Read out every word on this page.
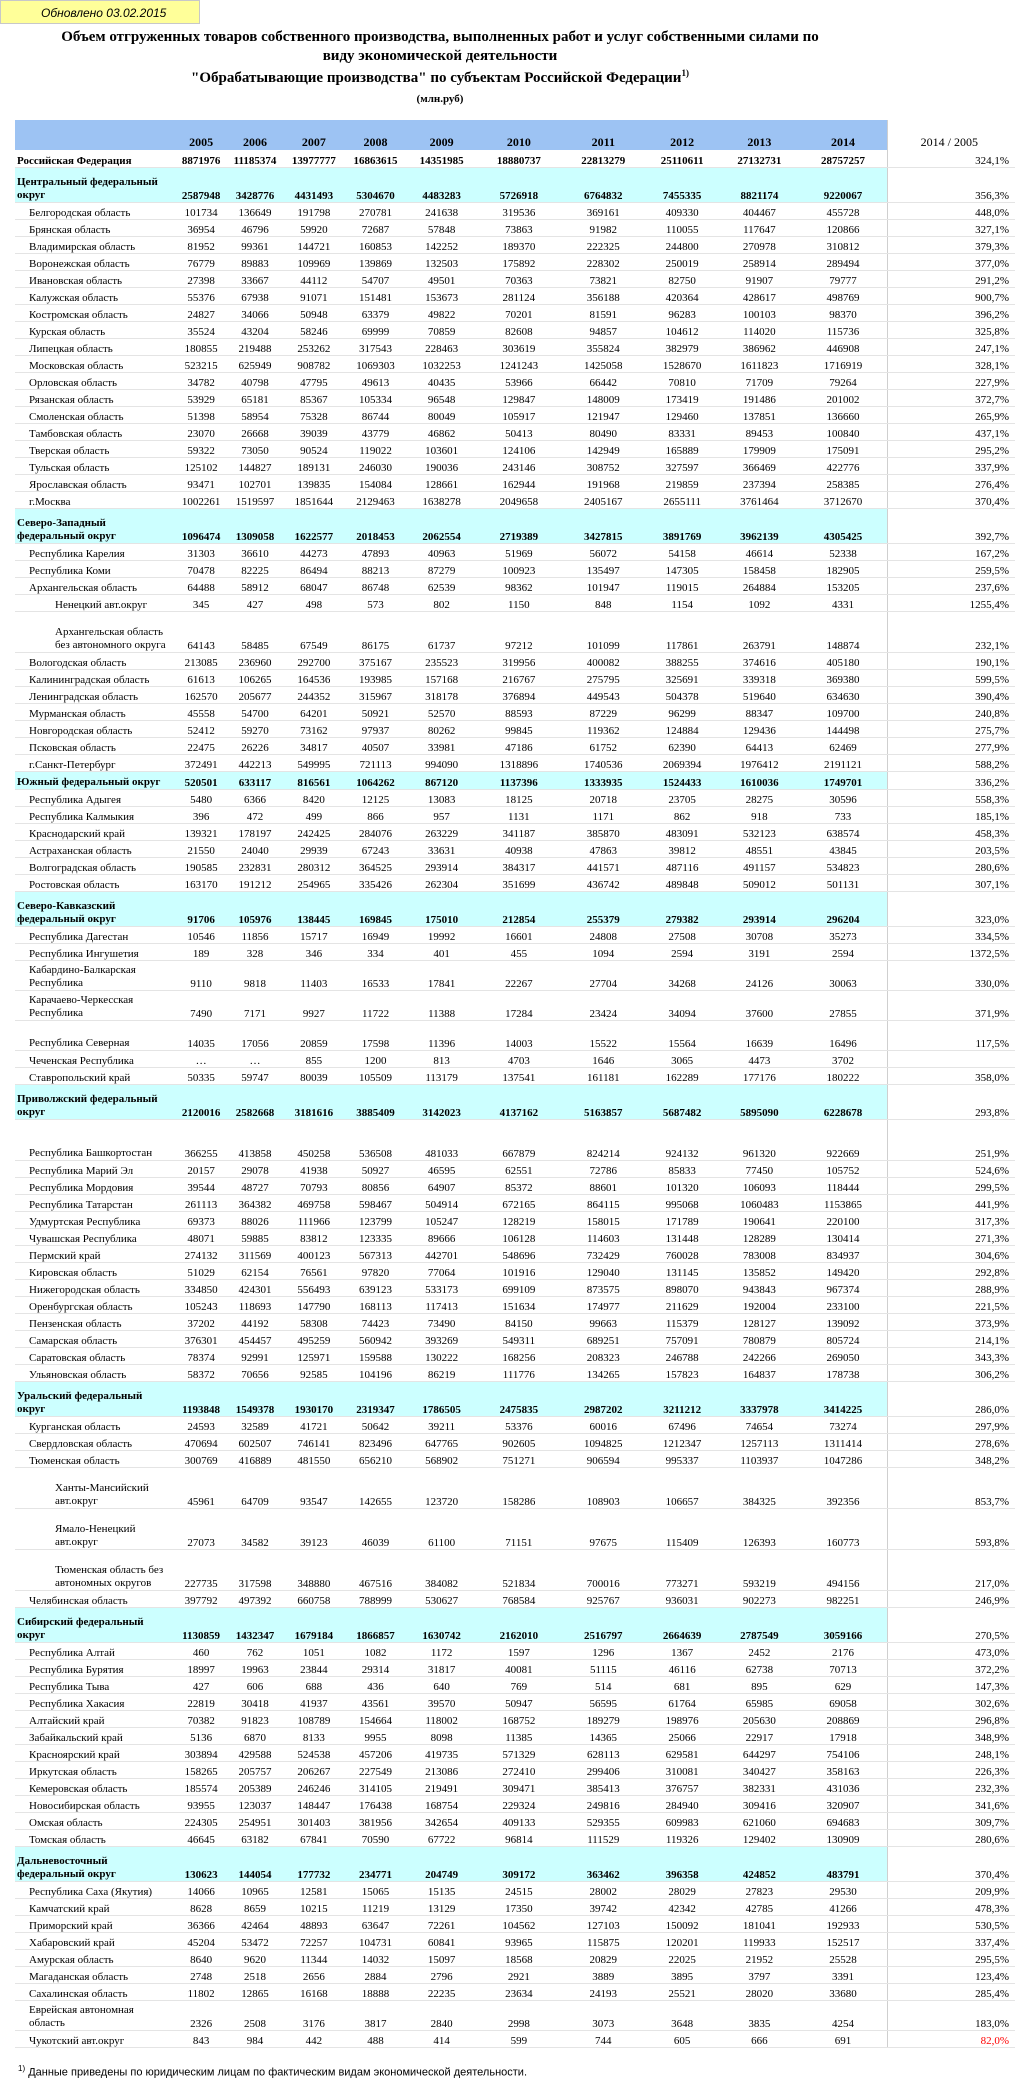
Обновлено 03.02.2015
Объем отгруженных товаров собственного производства, выполненных работ и услуг собственными силами по
виду экономической деятельности
"Обрабатывающие производства" по субъектам Российской Федерации$^{1)}$
(млн.руб)
	2005	2006	2007	2008	2009	2010	2011	2012	2013	2014	2014 / 2005
Российская Федерация	8871976	11185374	13977777	16863615	14351985	18880737	22813279	25110611	27132731	28757257	324,1%

Центральный федеральный
округ	2587948	3428776	4431493	5304670	4483283	5726918	6764832	7455335	8821174	9220067	356,3%
Белгородская область	101734	136649	191798	270781	241638	319536	369161	409330	404467	455728	448,0%
Брянская область	36954	46796	59920	72687	57848	73863	91982	110055	117647	120866	327,1%
Владимирская область	81952	99361	144721	160853	142252	189370	222325	244800	270978	310812	379,3%
Воронежская область	76779	89883	109969	139869	132503	175892	228302	250019	258914	289494	377,0%
Ивановская область	27398	33667	44112	54707	49501	70363	73821	82750	91907	79777	291,2%
Калужская область	55376	67938	91071	151481	153673	281124	356188	420364	428617	498769	900,7%
Костромская область	24827	34066	50948	63379	49822	70201	81591	96283	100103	98370	396,2%
Курская область	35524	43204	58246	69999	70859	82608	94857	104612	114020	115736	325,8%
Липецкая область	180855	219488	253262	317543	228463	303619	355824	382979	386962	446908	247,1%
Московская область	523215	625949	908782	1069303	1032253	1241243	1425058	1528670	1611823	1716919	328,1%
Орловская область	34782	40798	47795	49613	40435	53966	66442	70810	71709	79264	227,9%
Рязанская область	53929	65181	85367	105334	96548	129847	148009	173419	191486	201002	372,7%
Смоленская область	51398	58954	75328	86744	80049	105917	121947	129460	137851	136660	265,9%
Тамбовская область	23070	26668	39039	43779	46862	50413	80490	83331	89453	100840	437,1%
Тверская область	59322	73050	90524	119022	103601	124106	142949	165889	179909	175091	295,2%
Тульская область	125102	144827	189131	246030	190036	243146	308752	327597	366469	422776	337,9%
Ярославская область	93471	102701	139835	154084	128661	162944	191968	219859	237394	258385	276,4%
г.Москва	1002261	1519597	1851644	2129463	1638278	2049658	2405167	2655111	3761464	3712670	370,4%

Северо-Западный
федеральный округ	1096474	1309058	1622577	2018453	2062554	2719389	3427815	3891769	3962139	4305425	392,7%
Республика Карелия	31303	36610	44273	47893	40963	51969	56072	54158	46614	52338	167,2%
Республика Коми	70478	82225	86494	88213	87279	100923	135497	147305	158458	182905	259,5%
Архангельская область	64488	58912	68047	86748	62539	98362	101947	119015	264884	153205	237,6%
Ненецкий авт.округ	345	427	498	573	802	1150	848	1154	1092	4331	1255,4%

Архангельская область
без автономного округа	64143	58485	67549	86175	61737	97212	101099	117861	263791	148874	232,1%
Вологодская область	213085	236960	292700	375167	235523	319956	400082	388255	374616	405180	190,1%
Калининградская область	61613	106265	164536	193985	157168	216767	275795	325691	339318	369380	599,5%
Ленинградская область	162570	205677	244352	315967	318178	376894	449543	504378	519640	634630	390,4%
Мурманская область	45558	54700	64201	50921	52570	88593	87229	96299	88347	109700	240,8%
Новгородская область	52412	59270	73162	97937	80262	99845	119362	124884	129436	144498	275,7%
Псковская область	22475	26226	34817	40507	33981	47186	61752	62390	64413	62469	277,9%
г.Санкт-Петербург	372491	442213	549995	721113	994090	1318896	1740536	2069394	1976412	2191121	588,2%

Южный федеральный округ	520501	633117	816561	1064262	867120	1137396	1333935	1524433	1610036	1749701	336,2%
Республика Адыгея	5480	6366	8420	12125	13083	18125	20718	23705	28275	30596	558,3%
Республика Калмыкия	396	472	499	866	957	1131	1171	862	918	733	185,1%
Краснодарский край	139321	178197	242425	284076	263229	341187	385870	483091	532123	638574	458,3%
Астраханская область	21550	24040	29939	67243	33631	40938	47863	39812	48551	43845	203,5%
Волгоградская область	190585	232831	280312	364525	293914	384317	441571	487116	491157	534823	280,6%
Ростовская область	163170	191212	254965	335426	262304	351699	436742	489848	509012	501131	307,1%

Северо-Кавказский
федеральный округ	91706	105976	138445	169845	175010	212854	255379	279382	293914	296204	323,0%
Республика Дагестан	10546	11856	15717	16949	19992	16601	24808	27508	30708	35273	334,5%
Республика Ингушетия	189	328	346	334	401	455	1094	2594	3191	2594	1372,5%

Кабардино-Балкарская
Республика	9110	9818	11403	16533	17841	22267	27704	34268	24126	30063	330,0%

Карачаево-Черкесская
Республика	7490	7171	9927	11722	11388	17284	23424	34094	37600	27855	371,9%

Республика Северная	14035	17056	20859	17598	11396	14003	15522	15564	16639	16496	117,5%
Чеченская Республика	…	…	855	1200	813	4703	1646	3065	4473	3702	
Ставропольский край	50335	59747	80039	105509	113179	137541	161181	162289	177176	180222	358,0%

Приволжский федеральный
округ	2120016	2582668	3181616	3885409	3142023	4137162	5163857	5687482	5895090	6228678	293,8%

Республика Башкортостан	366255	413858	450258	536508	481033	667879	824214	924132	961320	922669	251,9%
Республика Марий Эл	20157	29078	41938	50927	46595	62551	72786	85833	77450	105752	524,6%
Республика Мордовия	39544	48727	70793	80856	64907	85372	88601	101320	106093	118444	299,5%
Республика Татарстан	261113	364382	469758	598467	504914	672165	864115	995068	1060483	1153865	441,9%
Удмуртская Республика	69373	88026	111966	123799	105247	128219	158015	171789	190641	220100	317,3%
Чувашская Республика	48071	59885	83812	123335	89666	106128	114603	131448	128289	130414	271,3%
Пермский край	274132	311569	400123	567313	442701	548696	732429	760028	783008	834937	304,6%
Кировская область	51029	62154	76561	97820	77064	101916	129040	131145	135852	149420	292,8%
Нижегородская область	334850	424301	556493	639123	533173	699109	873575	898070	943843	967374	288,9%
Оренбургская область	105243	118693	147790	168113	117413	151634	174977	211629	192004	233100	221,5%
Пензенская область	37202	44192	58308	74423	73490	84150	99663	115379	128127	139092	373,9%
Самарская область	376301	454457	495259	560942	393269	549311	689251	757091	780879	805724	214,1%
Саратовская область	78374	92991	125971	159588	130222	168256	208323	246788	242266	269050	343,3%
Ульяновская область	58372	70656	92585	104196	86219	111776	134265	157823	164837	178738	306,2%

Уральский федеральный
округ	1193848	1549378	1930170	2319347	1786505	2475835	2987202	3211212	3337978	3414225	286,0%
Курганская область	24593	32589	41721	50642	39211	53376	60016	67496	74654	73274	297,9%
Свердловская область	470694	602507	746141	823496	647765	902605	1094825	1212347	1257113	1311414	278,6%
Тюменская область	300769	416889	481550	656210	568902	751271	906594	995337	1103937	1047286	348,2%

Ханты-Мансийский
авт.округ	45961	64709	93547	142655	123720	158286	108903	106657	384325	392356	853,7%

Ямало-Ненецкий
авт.округ	27073	34582	39123	46039	61100	71151	97675	115409	126393	160773	593,8%

Тюменская область без
автономных округов	227735	317598	348880	467516	384082	521834	700016	773271	593219	494156	217,0%
Челябинская область	397792	497392	660758	788999	530627	768584	925767	936031	902273	982251	246,9%

Сибирский федеральный
округ	1130859	1432347	1679184	1866857	1630742	2162010	2516797	2664639	2787549	3059166	270,5%
Республика Алтай	460	762	1051	1082	1172	1597	1296	1367	2452	2176	473,0%
Республика Бурятия	18997	19963	23844	29314	31817	40081	51115	46116	62738	70713	372,2%
Республика Тыва	427	606	688	436	640	769	514	681	895	629	147,3%
Республика Хакасия	22819	30418	41937	43561	39570	50947	56595	61764	65985	69058	302,6%
Алтайский край	70382	91823	108789	154664	118002	168752	189279	198976	205630	208869	296,8%
Забайкальский край	5136	6870	8133	9955	8098	11385	14365	25066	22917	17918	348,9%
Красноярский край	303894	429588	524538	457206	419735	571329	628113	629581	644297	754106	248,1%
Иркутская область	158265	205757	206267	227549	213086	272410	299406	310081	340427	358163	226,3%
Кемеровская область	185574	205389	246246	314105	219491	309471	385413	376757	382331	431036	232,3%
Новосибирская область	93955	123037	148447	176438	168754	229324	249816	284940	309416	320907	341,6%
Омская область	224305	254951	301403	381956	342654	409133	529355	609983	621060	694683	309,7%
Томская область	46645	63182	67841	70590	67722	96814	111529	119326	129402	130909	280,6%

Дальневосточный
федеральный округ	130623	144054	177732	234771	204749	309172	363462	396358	424852	483791	370,4%
Республика Саха (Якутия)	14066	10965	12581	15065	15135	24515	28002	28029	27823	29530	209,9%
Камчатский край	8628	8659	10215	11219	13129	17350	39742	42342	42785	41266	478,3%
Приморский край	36366	42464	48893	63647	72261	104562	127103	150092	181041	192933	530,5%
Хабаровский край	45204	53472	72257	104731	60841	93965	115875	120201	119933	152517	337,4%
Амурская область	8640	9620	11344	14032	15097	18568	20829	22025	21952	25528	295,5%
Магаданская область	2748	2518	2656	2884	2796	2921	3889	3895	3797	3391	123,4%
Сахалинская область	11802	12865	16168	18888	22235	23634	24193	25521	28020	33680	285,4%

Еврейская автономная
область	2326	2508	3176	3817	2840	2998	3073	3648	3835	4254	183,0%
Чукотский авт.округ	843	984	442	488	414	599	744	605	666	691	82,0%
$^{1)}$ Данные приведены по юридическим лицам по фактическим видам экономической деятельности.
